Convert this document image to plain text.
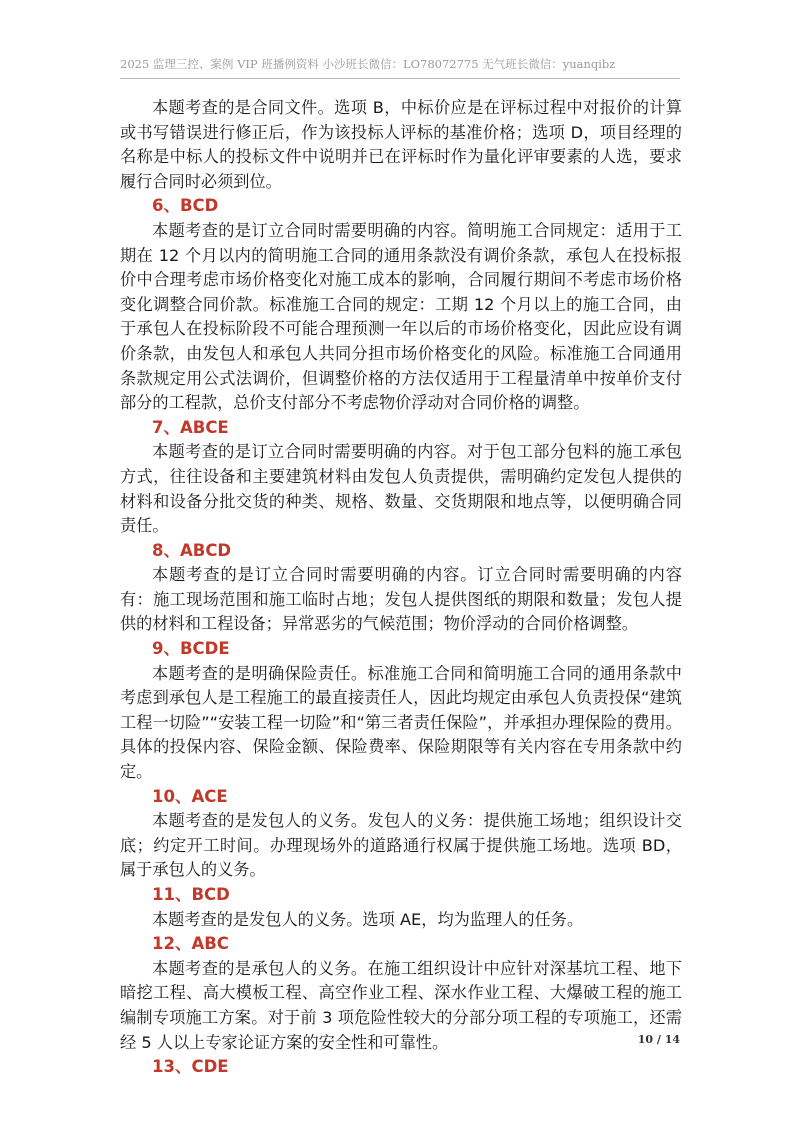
2025 监理三控、案例 VIP 班播例资料 小沙班长微信：LO78072775 无气班长微信：yuanqibz

本题考查的是合同文件。选项 B，中标价应是在评标过程中对报价的计算或书写错误进行修正后，作为该投标人评标的基准价格；选项 D，项目经理的名称是中标人的投标文件中说明并已在评标时作为量化评审要素的人选，要求履行合同时必须到位。

6、BCD

本题考查的是订立合同时需要明确的内容。简明施工合同规定：适用于工期在 12 个月以内的简明施工合同的通用条款没有调价条款，承包人在投标报价中合理考虑市场价格变化对施工成本的影响，合同履行期间不考虑市场价格变化调整合同价款。标准施工合同的规定：工期 12 个月以上的施工合同，由于承包人在投标阶段不可能合理预测一年以后的市场价格变化，因此应设有调价条款，由发包人和承包人共同分担市场价格变化的风险。标准施工合同通用条款规定用公式法调价，但调整价格的方法仅适用于工程量清单中按单价支付部分的工程款，总价支付部分不考虑物价浮动对合同价格的调整。

7、ABCE

本题考查的是订立合同时需要明确的内容。对于包工部分包料的施工承包方式，往往设备和主要建筑材料由发包人负责提供，需明确约定发包人提供的材料和设备分批交货的种类、规格、数量、交货期限和地点等，以便明确合同责任。

8、ABCD

本题考查的是订立合同时需要明确的内容。订立合同时需要明确的内容有：施工现场范围和施工临时占地；发包人提供图纸的期限和数量；发包人提供的材料和工程设备；异常恶劣的气候范围；物价浮动的合同价格调整。

9、BCDE

本题考查的是明确保险责任。标准施工合同和简明施工合同的通用条款中考虑到承包人是工程施工的最直接责任人，因此均规定由承包人负责投保“建筑工程一切险”“安装工程一切险”和“第三者责任保险”，并承担办理保险的费用。具体的投保内容、保险金额、保险费率、保险期限等有关内容在专用条款中约定。

10、ACE

本题考查的是发包人的义务。发包人的义务：提供施工场地；组织设计交底；约定开工时间。办理现场外的道路通行权属于提供施工场地。选项 BD，属于承包人的义务。

11、BCD

本题考查的是发包人的义务。选项 AE，均为监理人的任务。

12、ABC

本题考查的是承包人的义务。在施工组织设计中应针对深基坑工程、地下暗挖工程、高大模板工程、高空作业工程、深水作业工程、大爆破工程的施工编制专项施工方案。对于前 3 项危险性较大的分部分项工程的专项施工，还需经 5 人以上专家论证方案的安全性和可靠性。

13、CDE

10 / 14
